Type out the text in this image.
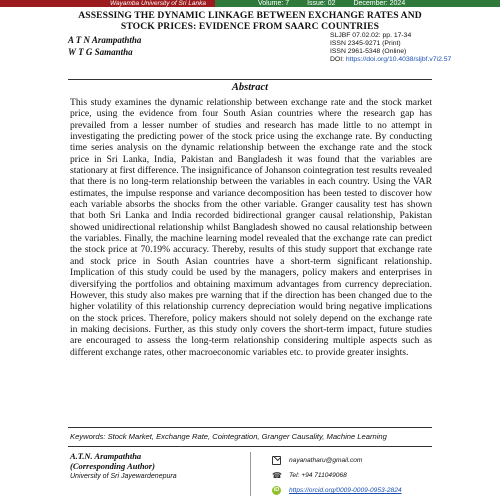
Wayamba University of Sri Lanka	Volume: 7	Issue: 02	December: 2024
ASSESSING THE DYNAMIC LINKAGE BETWEEN EXCHANGE RATES AND
STOCK PRICES: EVIDENCE FROM SAARC COUNTRIES
A T N Arampaththa
W T G Samantha
SLJBF 07.02.02: pp. 17-34
ISSN 2345-9271 (Print)
ISSN 2961-5348 (Online)
DOI: https://doi.org/10.4038/sljbf.v7i2.57
Abstract
This study examines the dynamic relationship between exchange rate and the stock market price, using the evidence from four South Asian countries where the research gap has prevailed from a lesser number of studies and research has made little to no attempt in investigating the predicting power of the stock price using the exchange rate. By conducting time series analysis on the dynamic relationship between the exchange rate and the stock price in Sri Lanka, India, Pakistan and Bangladesh it was found that the variables are stationary at first difference. The insignificance of Johanson cointegration test results revealed that there is no long-term relationship between the variables in each country. Using the VAR estimates, the impulse response and variance decomposition has been tested to discover how each variable absorbs the shocks from the other variable. Granger causality test has shown that both Sri Lanka and India recorded bidirectional granger causal relationship, Pakistan showed unidirectional relationship whilst Bangladesh showed no causal relationship between the variables. Finally, the machine learning model revealed that the exchange rate can predict the stock price at 70.19% accuracy. Thereby, results of this study support that exchange rate and stock price in South Asian countries have a short-term significant relationship. Implication of this study could be used by the managers, policy makers and enterprises in diversifying the portfolios and obtaining maximum advantages from currency depreciation. However, this study also makes pre warning that if the direction has been changed due to the higher volatility of this relationship currency depreciation would bring negative implications on the stock prices. Therefore, policy makers should not solely depend on the exchange rate in making decisions. Further, as this study only covers the short-term impact, future studies are encouraged to assess the long-term relationship considering multiple aspects such as different exchange rates, other macroeconomic variables etc. to provide greater insights.
Keywords: Stock Market, Exchange Rate, Cointegration, Granger Causality, Machine Learning
A.T.N. Arampaththa
(Corresponding Author)
University of Sri Jayewardenepura
nayanatharu@gmail.com
☎ Tel: +94 711049068
iD https://orcid.org/0009-0009-0953-2824
